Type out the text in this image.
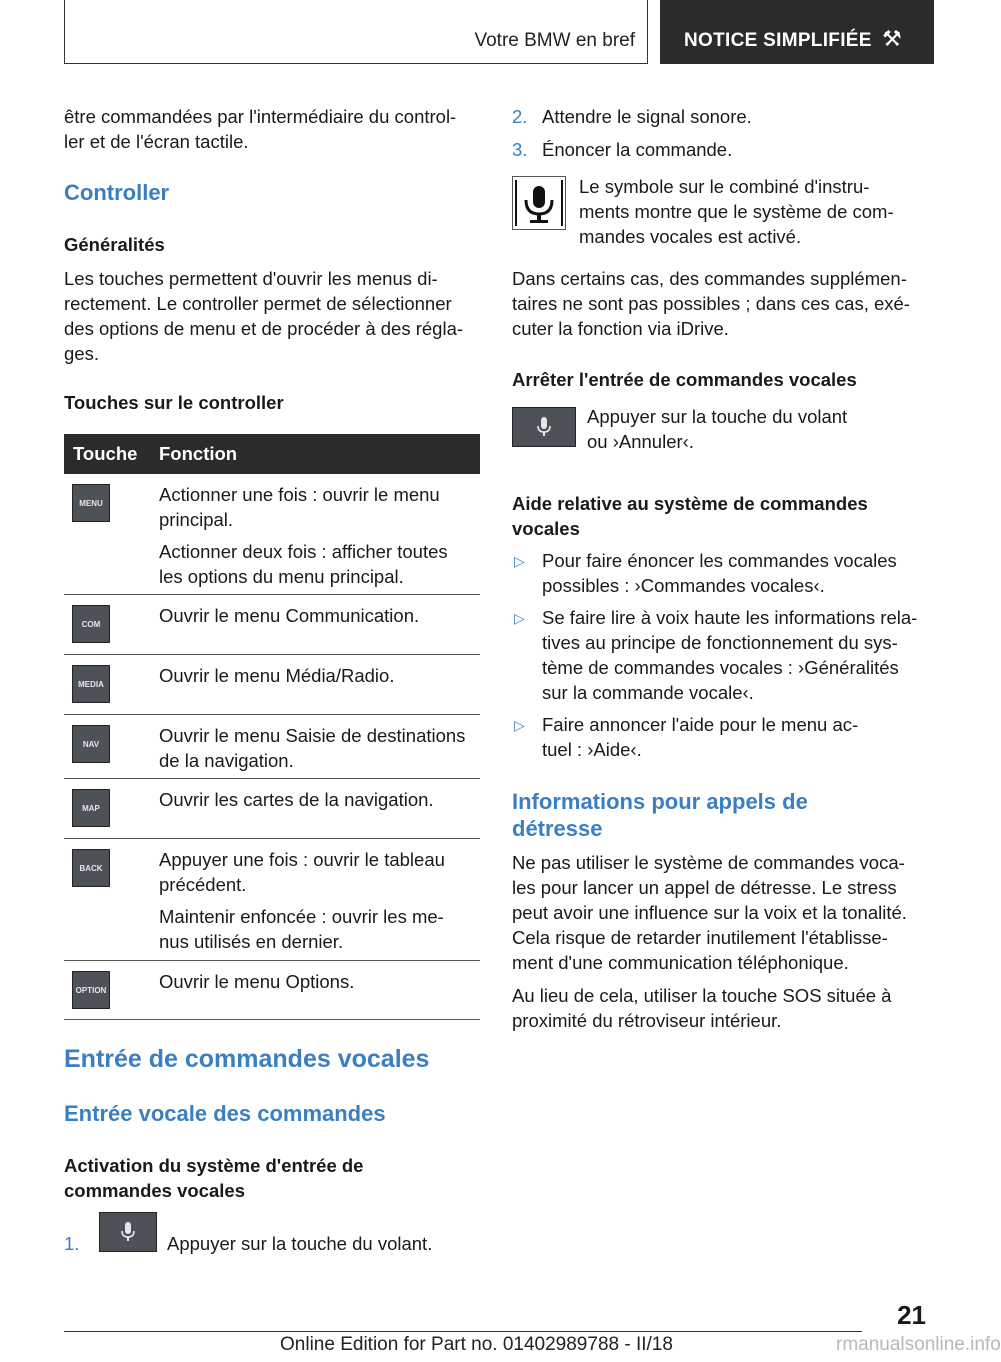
Votre BMW en bref	NOTICE SIMPLIFIÉE ⚒
être commandées par l'intermédiaire du control‐
ler et de l'écran tactile.
Controller
Généralités
Les touches permettent d'ouvrir les menus di‐
rectement. Le controller permet de sélectionner
des options de menu et de procéder à des régla‐
ges.
Touches sur le controller
Touche Fonction
MENU	Actionner une fois : ouvrir le menu
principal.
Actionner deux fois : afficher toutes
les options du menu principal.
COM	Ouvrir le menu Communication.
MEDIA	Ouvrir le menu Média/Radio.
NAV	Ouvrir le menu Saisie de destinations
de la navigation.
MAP	Ouvrir les cartes de la navigation.
BACK	Appuyer une fois : ouvrir le tableau
précédent.
Maintenir enfoncée : ouvrir les me‐
nus utilisés en dernier.
OPTION	Ouvrir le menu Options.
Entrée de commandes vocales
Entrée vocale des commandes
Activation du système d'entrée de
commandes vocales
1.	Appuyer sur la touche du volant.
2. Attendre le signal sonore.
3. Énoncer la commande.
Le symbole sur le combiné d'instru‐
ments montre que le système de com‐
mandes vocales est activé.
Dans certains cas, des commandes supplémen‐
taires ne sont pas possibles ; dans ces cas, exé‐
cuter la fonction via iDrive.
Arrêter l'entrée de commandes vocales
Appuyer sur la touche du volant
ou ›Annuler‹.
Aide relative au système de commandes
vocales
▷ Pour faire énoncer les commandes vocales
possibles : ›Commandes vocales‹.
▷ Se faire lire à voix haute les informations rela‐
tives au principe de fonctionnement du sys‐
tème de commandes vocales : ›Généralités
sur la commande vocale‹.
▷ Faire annoncer l'aide pour le menu ac‐
tuel : ›Aide‹.
Informations pour appels de
détresse
Ne pas utiliser le système de commandes voca‐
les pour lancer un appel de détresse. Le stress
peut avoir une influence sur la voix et la tonalité.
Cela risque de retarder inutilement l'établisse‐
ment d'une communication téléphonique.
Au lieu de cela, utiliser la touche SOS située à
proximité du rétroviseur intérieur.
21
Online Edition for Part no. 01402989788 - II/18	rmanualsonline.info
